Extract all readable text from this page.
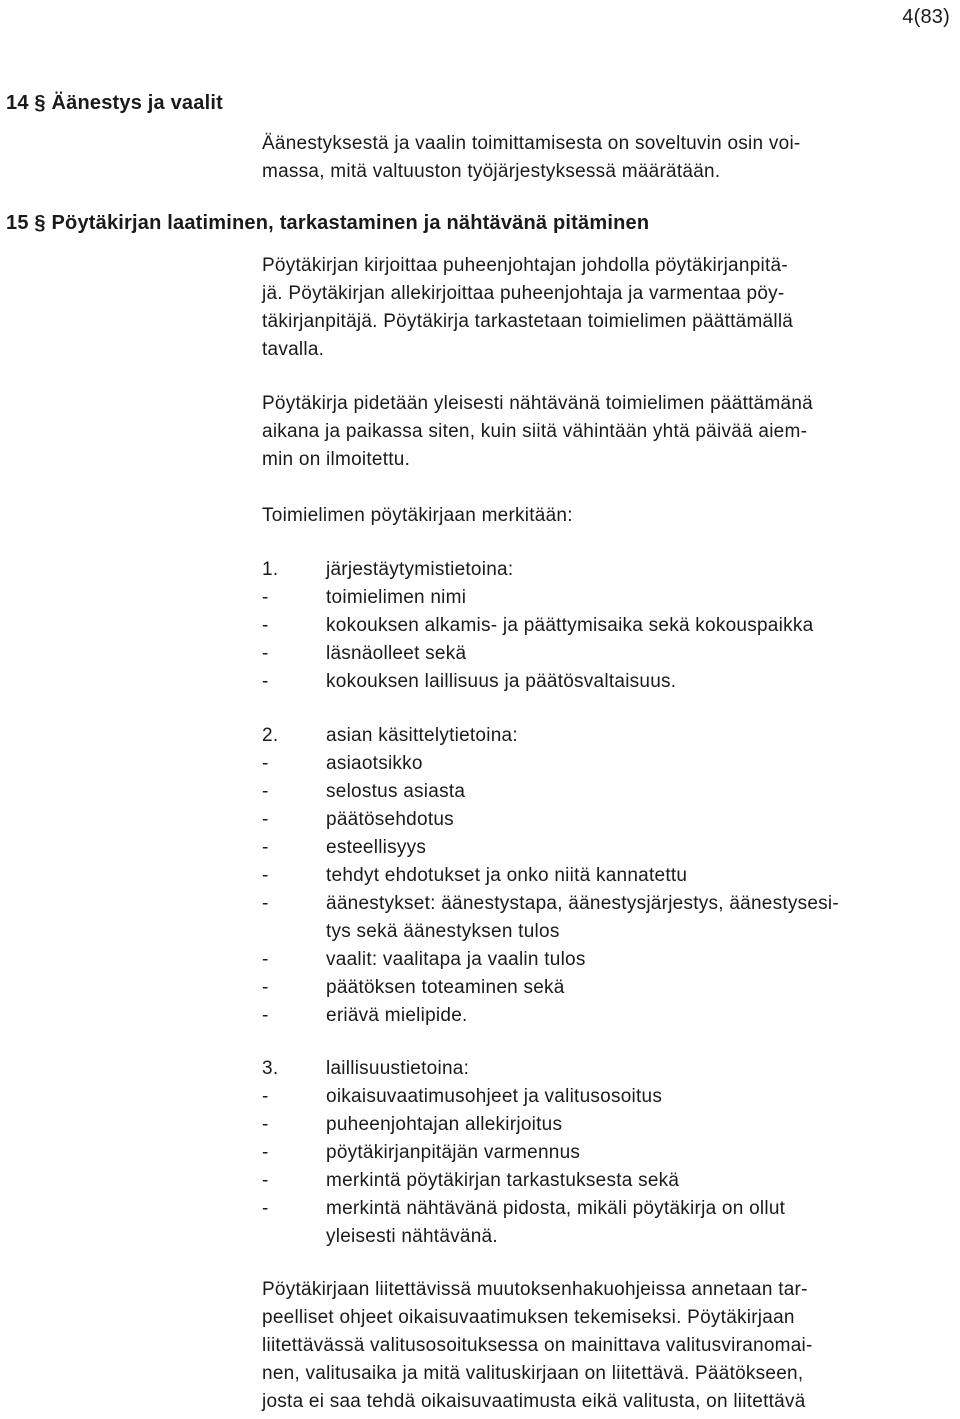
4(83)
14 § Äänestys ja vaalit
Äänestyksestä ja vaalin toimittamisesta on soveltuvin osin voi-
massa, mitä valtuuston työjärjestyksessä määrätään.
15 § Pöytäkirjan laatiminen, tarkastaminen ja nähtävänä pitäminen
Pöytäkirjan kirjoittaa puheenjohtajan johdolla pöytäkirjanpitä-
jä. Pöytäkirjan allekirjoittaa puheenjohtaja ja varmentaa pöy-
täkirjanpitäjä. Pöytäkirja tarkastetaan toimielimen päättämällä
tavalla.
Pöytäkirja pidetään yleisesti nähtävänä toimielimen päättämänä
aikana ja paikassa siten, kuin siitä vähintään yhtä päivää aiem-
min on ilmoitettu.
Toimielimen pöytäkirjaan merkitään:
1.	järjestäytymistietoina:
-	toimielimen nimi
-	kokouksen alkamis- ja päättymisaika sekä kokouspaikka
-	läsnäolleet sekä
-	kokouksen laillisuus ja päätösvaltaisuus.
2.	asian käsittelytietoina:
-	asiaotsikko
-	selostus asiasta
-	päätösehdotus
-	esteellisyys
-	tehdyt ehdotukset ja onko niitä kannatettu
-	äänestykset: äänestystapa, äänestysjärjestys, äänestysesi-
tys sekä äänestyksen tulos
-	vaalit: vaalitapa ja vaalin tulos
-	päätöksen toteaminen sekä
-	eriävä mielipide.
3.	laillisuustietoina:
-	oikaisuvaatimusohjeet ja valitusosoitus
-	puheenjohtajan allekirjoitus
-	pöytäkirjanpitäjän varmennus
-	merkintä pöytäkirjan tarkastuksesta sekä
-	merkintä nähtävänä pidosta, mikäli pöytäkirja on ollut
yleisesti nähtävänä.
Pöytäkirjaan liitettävissä muutoksenhakuohjeissa annetaan tar-
peelliset ohjeet oikaisuvaatimuksen tekemiseksi. Pöytäkirjaan
liitettävässä valitusosoituksessa on mainittava valitusviranomai-
nen, valitusaika ja mitä valituskirjaan on liitettävä. Päätökseen,
josta ei saa tehdä oikaisuvaatimusta eikä valitusta, on liitettävä
